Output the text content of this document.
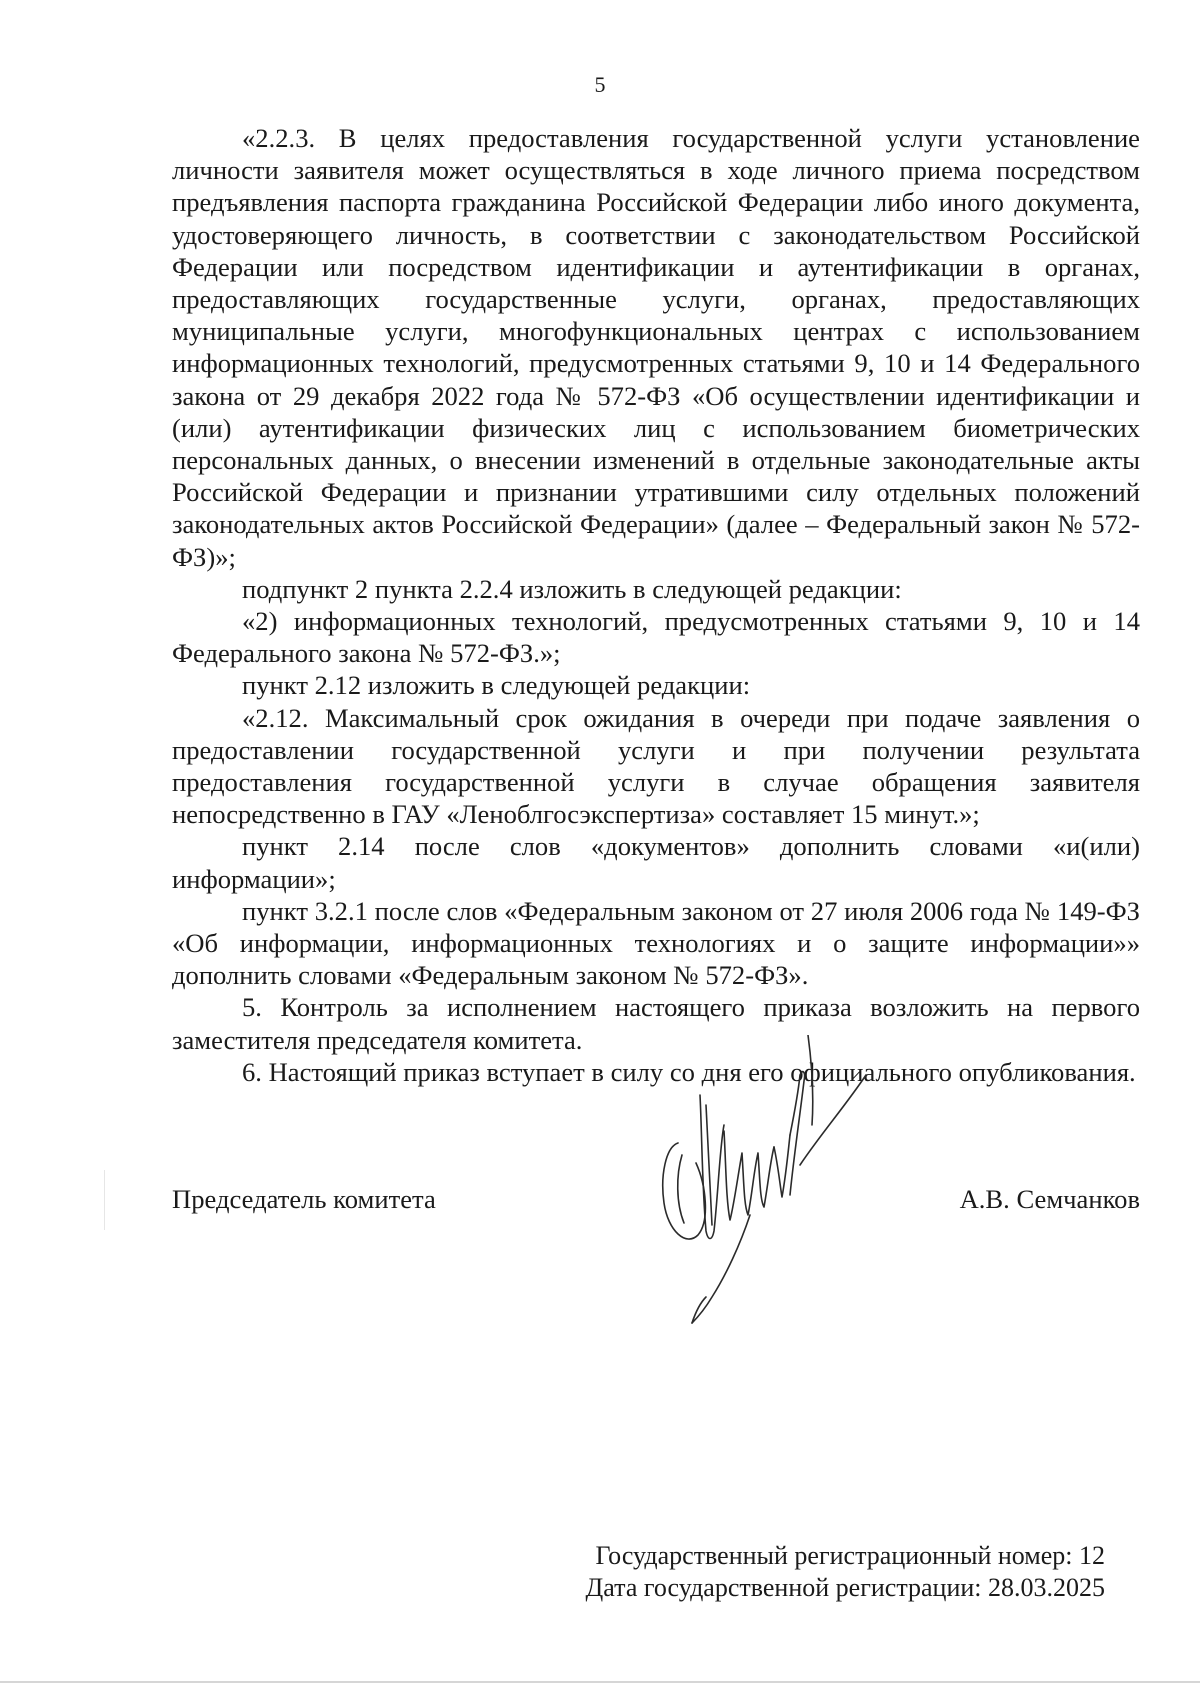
5

«2.2.3. В целях предоставления государственной услуги установление личности заявителя может осуществляться в ходе личного приема посредством предъявления паспорта гражданина Российской Федерации либо иного документа, удостоверяющего личность, в соответствии с законодательством Российской Федерации или посредством идентификации и аутентификации в органах, предоставляющих государственные услуги, органах, предоставляющих муниципальные услуги, многофункциональных центрах с использованием информационных технологий, предусмотренных статьями 9, 10 и 14 Федерального закона от 29 декабря 2022 года № 572-ФЗ «Об осуществлении идентификации и (или) аутентификации физических лиц с использованием биометрических персональных данных, о внесении изменений в отдельные законодательные акты Российской Федерации и признании утратившими силу отдельных положений законодательных актов Российской Федерации» (далее – Федеральный закон № 572-ФЗ)»;

подпункт 2 пункта 2.2.4 изложить в следующей редакции:

«2) информационных технологий, предусмотренных статьями 9, 10 и 14 Федерального закона № 572-ФЗ.»;

пункт 2.12 изложить в следующей редакции:

«2.12. Максимальный срок ожидания в очереди при подаче заявления о предоставлении государственной услуги и при получении результата предоставления государственной услуги в случае обращения заявителя непосредственно в ГАУ «Леноблгосэкспертиза» составляет 15 минут.»;

пункт 2.14 после слов «документов» дополнить словами «и(или) информации»;

пункт 3.2.1 после слов «Федеральным законом от 27 июля 2006 года № 149-ФЗ «Об информации, информационных технологиях и о защите информации»» дополнить словами «Федеральным законом № 572-ФЗ».

5. Контроль за исполнением настоящего приказа возложить на первого заместителя председателя комитета.

6. Настоящий приказ вступает в силу со дня его официального опубликования.

Председатель комитета	А.В. Семчанков
Государственный регистрационный номер: 12
Дата государственной регистрации: 28.03.2025
